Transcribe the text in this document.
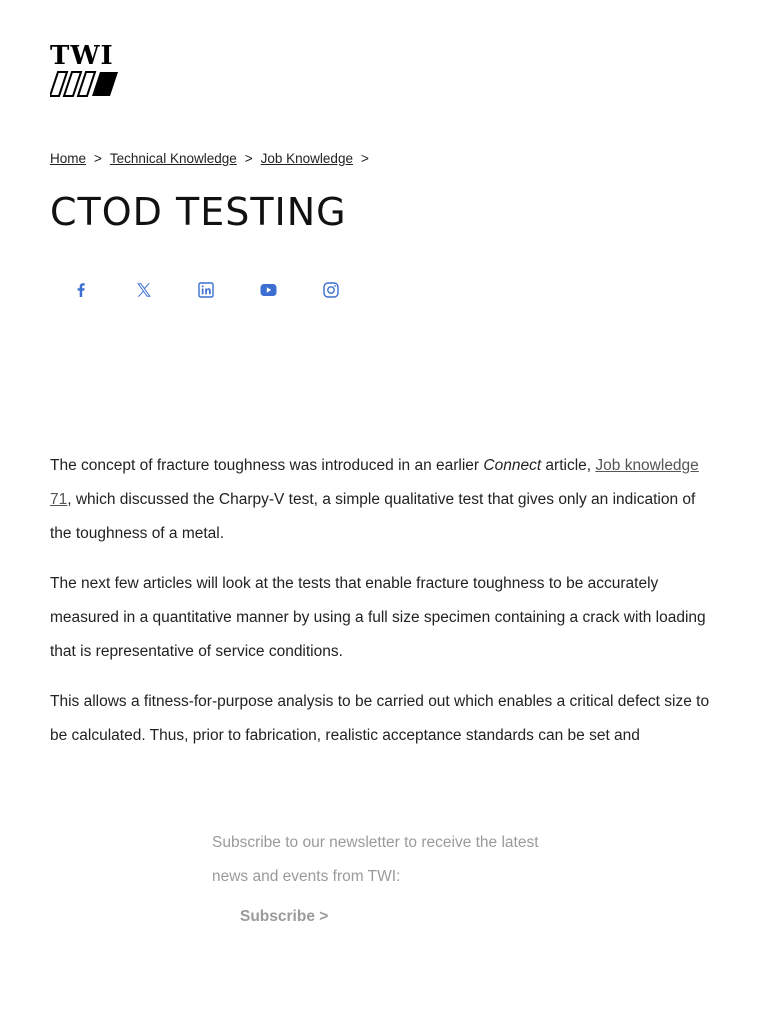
TWI
Home > Technical Knowledge > Job Knowledge >
CTOD TESTING

The concept of fracture toughness was introduced in an earlier Connect article, Job knowledge 71, which discussed the Charpy-V test, a simple qualitative test that gives only an indication of the toughness of a metal.

The next few articles will look at the tests that enable fracture toughness to be accurately measured in a quantitative manner by using a full size specimen containing a crack with loading that is representative of service conditions.

This allows a fitness-for-purpose analysis to be carried out which enables a critical defect size to be calculated. Thus, prior to fabrication, realistic acceptance standards can be set and

Subscribe to our newsletter to receive the latest news and events from TWI:
Subscribe >
